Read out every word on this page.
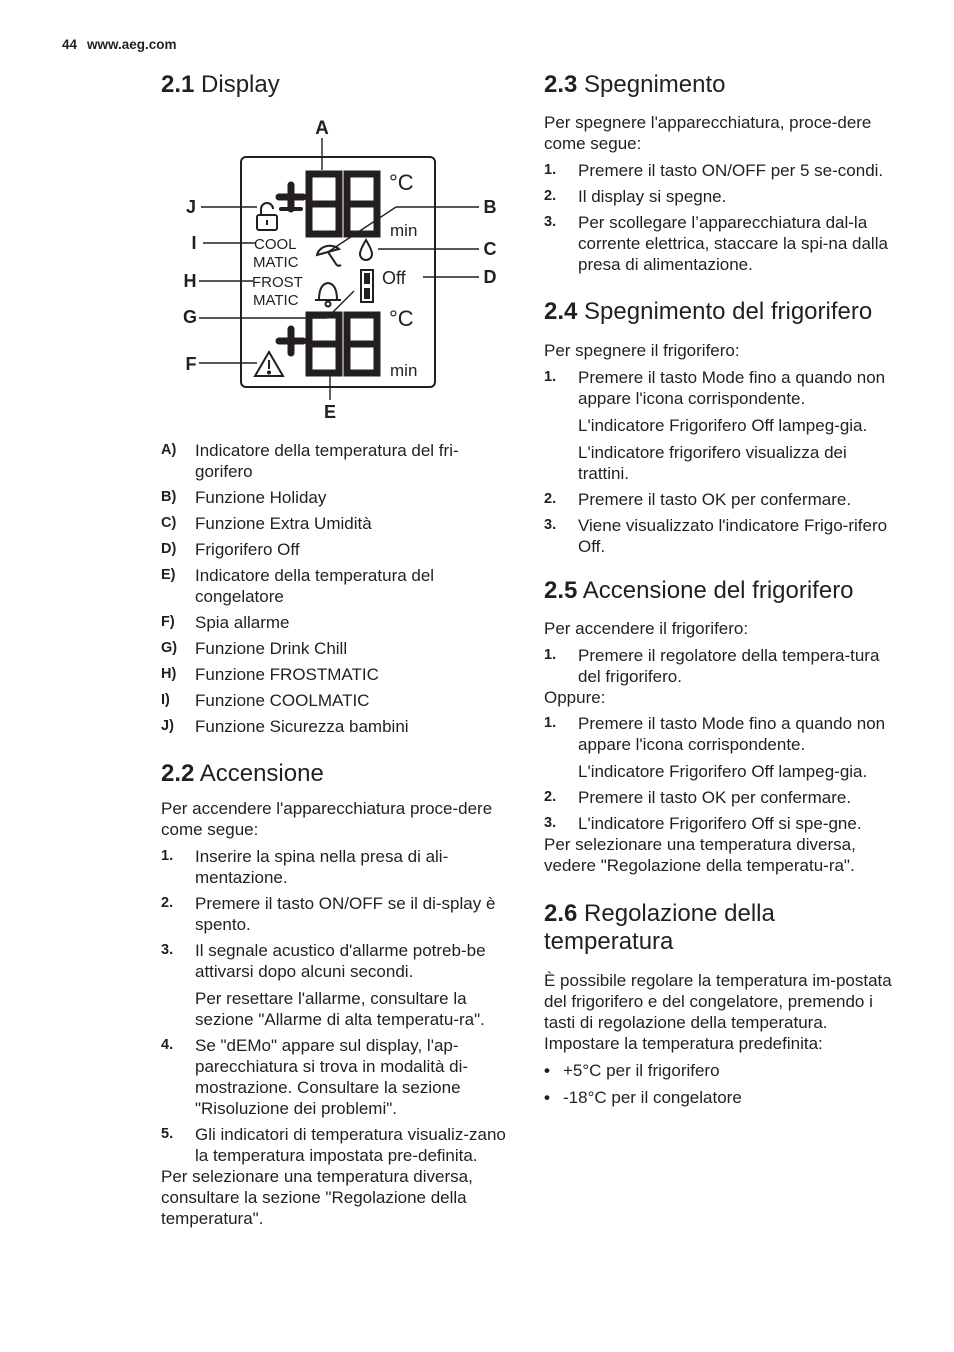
44 www.aeg.com
2.1 Display
A
J
I
H
G
F
E
B
C
D
°C
min
°C
min
Off
COOL
MATIC
FROST
MATIC
A) Indicatore della temperatura del fri-gorifero
B) Funzione Holiday
C) Funzione Extra Umidità
D) Frigorifero Off
E) Indicatore della temperatura del congelatore
F) Spia allarme
G) Funzione Drink Chill
H) Funzione FROSTMATIC
I) Funzione COOLMATIC
J) Funzione Sicurezza bambini
2.2 Accensione

Per accendere l'apparecchiatura proce-dere come segue:

1. Inserire la spina nella presa di ali-mentazione.
2. Premere il tasto ON/OFF se il di-splay è spento.
3. Il segnale acustico d'allarme potreb-be attivarsi dopo alcuni secondi.
Per resettare l'allarme, consultare la sezione "Allarme di alta temperatu-ra".
4. Se "dEMo" appare sul display, l'ap-parecchiatura si trova in modalità di-mostrazione. Consultare la sezione "Risoluzione dei problemi".
5. Gli indicatori di temperatura visualiz-zano la temperatura impostata pre-definita.

Per selezionare una temperatura diversa, consultare la sezione "Regolazione della temperatura".

2.3 Spegnimento

Per spegnere l'apparecchiatura, proce-dere come segue:

1. Premere il tasto ON/OFF per 5 se-condi.
2. Il display si spegne.
3. Per scollegare l’apparecchiatura dal-la corrente elettrica, staccare la spi-na dalla presa di alimentazione.
2.4 Spegnimento del frigorifero

Per spegnere il frigorifero:

1. Premere il tasto Mode fino a quando non appare l'icona corrispondente.
L'indicatore Frigorifero Off lampeg-gia.
L'indicatore frigorifero visualizza dei trattini.
2. Premere il tasto OK per confermare.
3. Viene visualizzato l'indicatore Frigo-rifero Off.
2.5 Accensione del frigorifero

Per accendere il frigorifero:

1. Premere il regolatore della tempera-tura del frigorifero.

Oppure:

1. Premere il tasto Mode fino a quando non appare l'icona corrispondente.
L'indicatore Frigorifero Off lampeg-gia.
2. Premere il tasto OK per confermare.
3. L'indicatore Frigorifero Off si spe-gne.

Per selezionare una temperatura diversa, vedere "Regolazione della temperatu-ra".

2.6 Regolazione della temperatura

È possibile regolare la temperatura im-postata del frigorifero e del congelatore, premendo i tasti di regolazione della temperatura.

Impostare la temperatura predefinita:

• +5°C per il frigorifero
• -18°C per il congelatore
